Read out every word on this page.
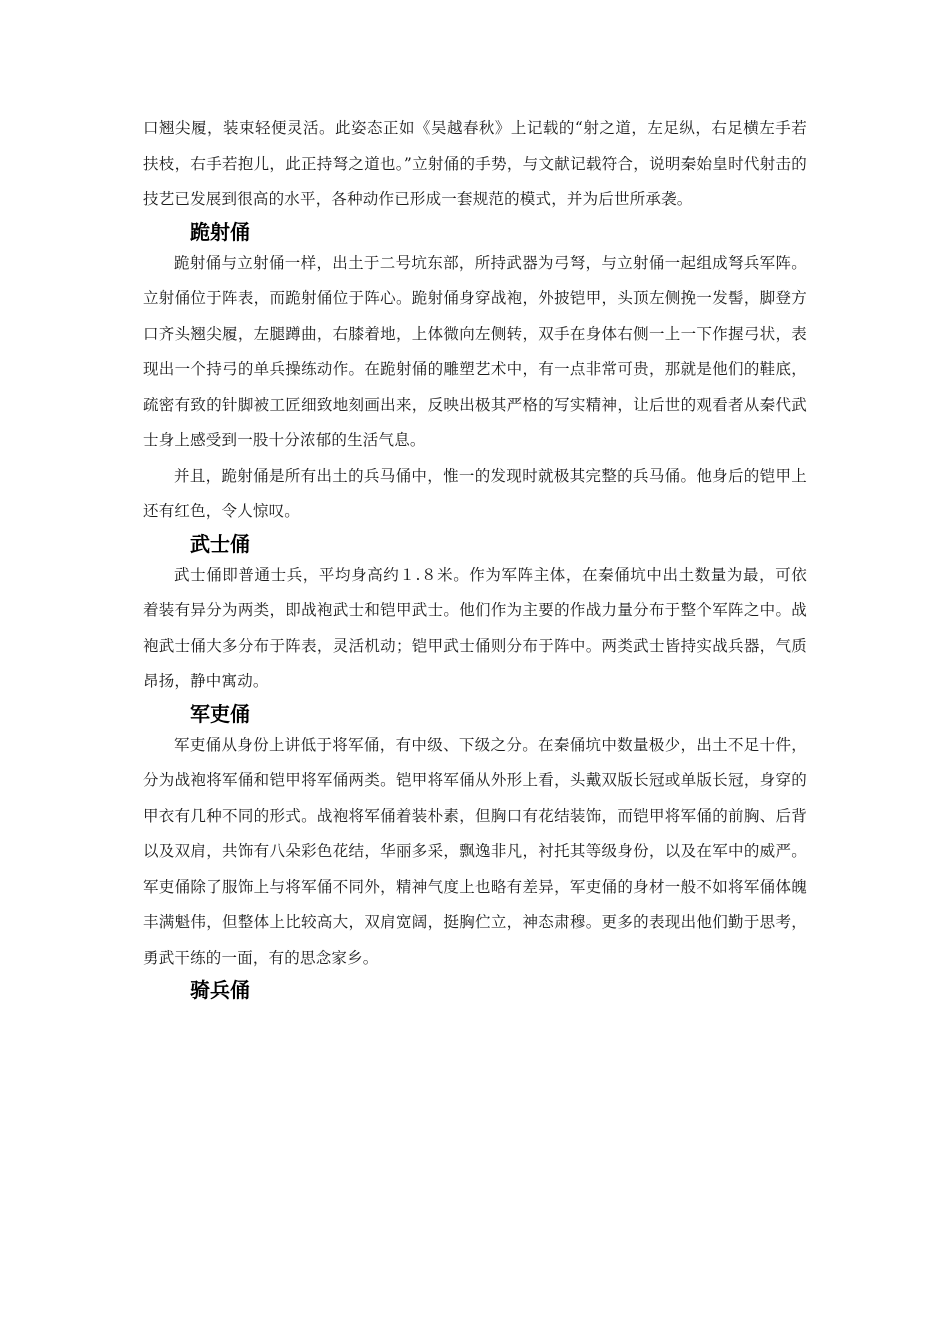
口翘尖履，装束轻便灵活。此姿态正如《吴越春秋》上记载的“射之道，左足纵，右足横左手若扶枝，右手若抱儿，此正持弩之道也。”立射俑的手势，与文献记载符合，说明秦始皇时代射击的技艺已发展到很高的水平，各种动作已形成一套规范的模式，并为后世所承袭。

跪射俑

跪射俑与立射俑一样，出土于二号坑东部，所持武器为弓弩，与立射俑一起组成弩兵军阵。立射俑位于阵表，而跪射俑位于阵心。跪射俑身穿战袍，外披铠甲，头顶左侧挽一发髻，脚登方口齐头翘尖履，左腿蹲曲，右膝着地，上体微向左侧转，双手在身体右侧一上一下作握弓状，表现出一个持弓的单兵操练动作。在跪射俑的雕塑艺术中，有一点非常可贵，那就是他们的鞋底，疏密有致的针脚被工匠细致地刻画出来，反映出极其严格的写实精神，让后世的观看者从秦代武士身上感受到一股十分浓郁的生活气息。

并且，跪射俑是所有出土的兵马俑中，惟一的发现时就极其完整的兵马俑。他身后的铠甲上还有红色，令人惊叹。

武士俑

武士俑即普通士兵，平均身高约１.８米。作为军阵主体，在秦俑坑中出土数量为最，可依着装有异分为两类，即战袍武士和铠甲武士。他们作为主要的作战力量分布于整个军阵之中。战袍武士俑大多分布于阵表，灵活机动；铠甲武士俑则分布于阵中。两类武士皆持实战兵器，气质昂扬，静中寓动。

军吏俑

军吏俑从身份上讲低于将军俑，有中级、下级之分。在秦俑坑中数量极少，出土不足十件，分为战袍将军俑和铠甲将军俑两类。铠甲将军俑从外形上看，头戴双版长冠或单版长冠，身穿的甲衣有几种不同的形式。战袍将军俑着装朴素，但胸口有花结装饰，而铠甲将军俑的前胸、后背以及双肩，共饰有八朵彩色花结，华丽多采，飘逸非凡，衬托其等级身份，以及在军中的威严。军吏俑除了服饰上与将军俑不同外，精神气度上也略有差异，军吏俑的身材一般不如将军俑体魄丰满魁伟，但整体上比较高大，双肩宽阔，挺胸伫立，神态肃穆。更多的表现出他们勤于思考，勇武干练的一面，有的思念家乡。

骑兵俑
